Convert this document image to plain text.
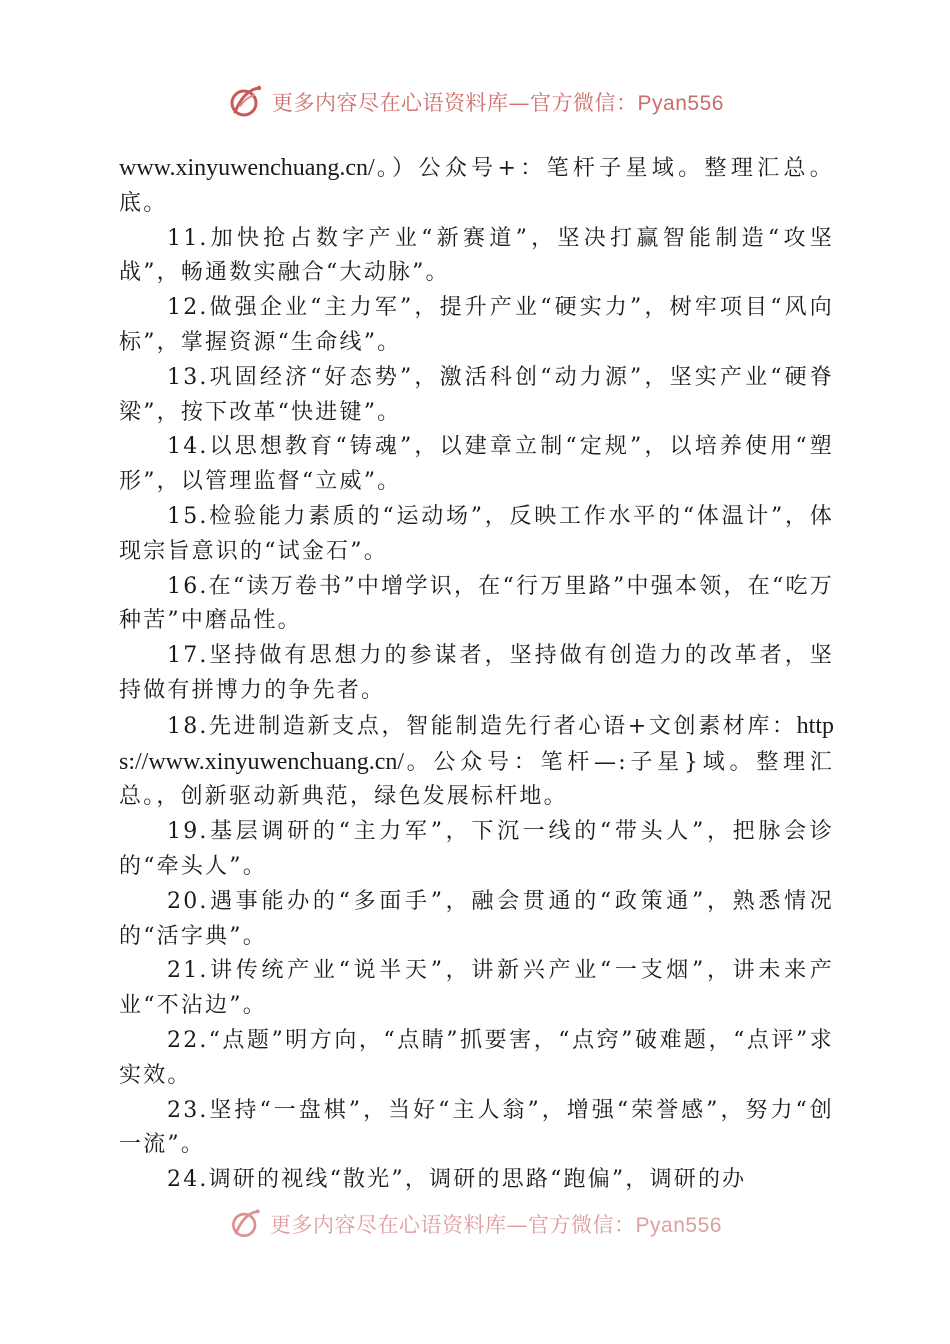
更多内容尽在心语资料库—官方微信：Pyan556

www.xinyuwenchuang.cn/。）公众号+：笔杆子星域。整理汇总。底。

11.加快抢占数字产业“新赛道”，坚决打赢智能制造“攻坚战”，畅通数实融合“大动脉”。

12.做强企业“主力军”，提升产业“硬实力”，树牢项目“风向标”，掌握资源“生命线”。

13.巩固经济“好态势”，激活科创“动力源”，坚实产业“硬脊梁”，按下改革“快进键”。

14.以思想教育“铸魂”，以建章立制“定规”，以培养使用“塑形”，以管理监督“立威”。

15.检验能力素质的“运动场”，反映工作水平的“体温计”，体现宗旨意识的“试金石”。

16.在“读万卷书”中增学识，在“行万里路”中强本领，在“吃万种苦”中磨品性。

17.坚持做有思想力的参谋者，坚持做有创造力的改革者，坚持做有拼博力的争先者。

18.先进制造新支点，智能制造先行者心语+文创素材库：https://www.xinyuwenchuang.cn/。公众号：笔杆—:子星}域。整理汇总。，创新驱动新典范，绿色发展标杆地。

19.基层调研的“主力军”，下沉一线的“带头人”，把脉会诊的“牵头人”。

20.遇事能办的“多面手”，融会贯通的“政策通”，熟悉情况的“活字典”。

21.讲传统产业“说半天”，讲新兴产业“一支烟”，讲未来产业“不沾边”。

22.“点题”明方向，“点睛”抓要害，“点窍”破难题，“点评”求实效。

23.坚持“一盘棋”，当好“主人翁”，增强“荣誉感”，努力“创一流”。

24.调研的视线“散光”，调研的思路“跑偏”，调研的办

更多内容尽在心语资料库—官方微信：Pyan556
